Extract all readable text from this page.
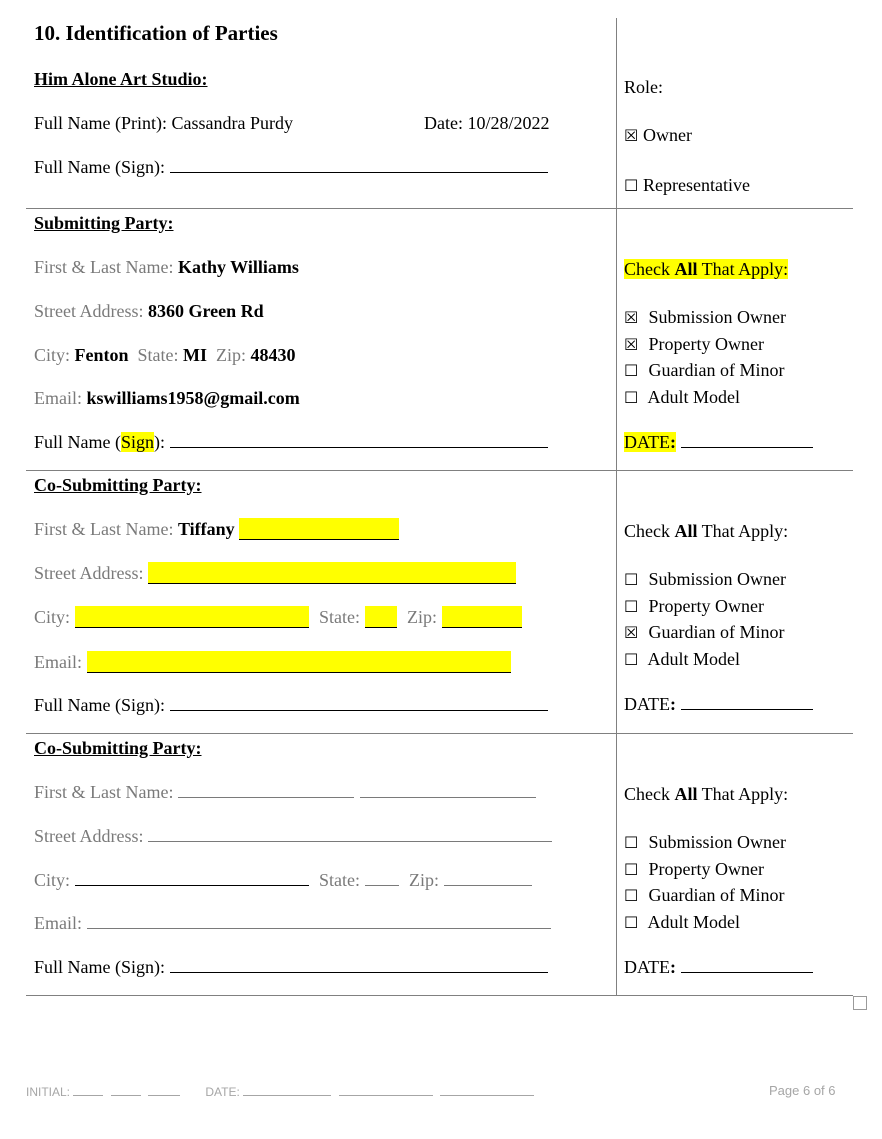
10. Identification of Parties
Him Alone Art Studio:
Full Name (Print): Cassandra Purdy	Date: 10/28/2022
Full Name (Sign):
Role:
☒ Owner
☐ Representative
Submitting Party:
First & Last Name: Kathy Williams
Street Address: 8360 Green Rd
City: Fenton State: MI Zip: 48430
Email: kswilliams1958@gmail.com
Full Name (Sign):
Check All That Apply:
☒ Submission Owner
☒ Property Owner
☐ Guardian of Minor
☐ Adult Model
DATE:
Co-Submitting Party:
First & Last Name: Tiffany
Street Address:
City:	State:	Zip:
Email:
Full Name (Sign):
Check All That Apply:
☐ Submission Owner
☐ Property Owner
☒ Guardian of Minor
☐ Adult Model
DATE:
Co-Submitting Party:
First & Last Name:
Street Address:
City:	State:	Zip:
Email:
Full Name (Sign):
Check All That Apply:
☐ Submission Owner
☐ Property Owner
☐ Guardian of Minor
☐ Adult Model
DATE:
INITIAL:	DATE:	Page 6 of 6
